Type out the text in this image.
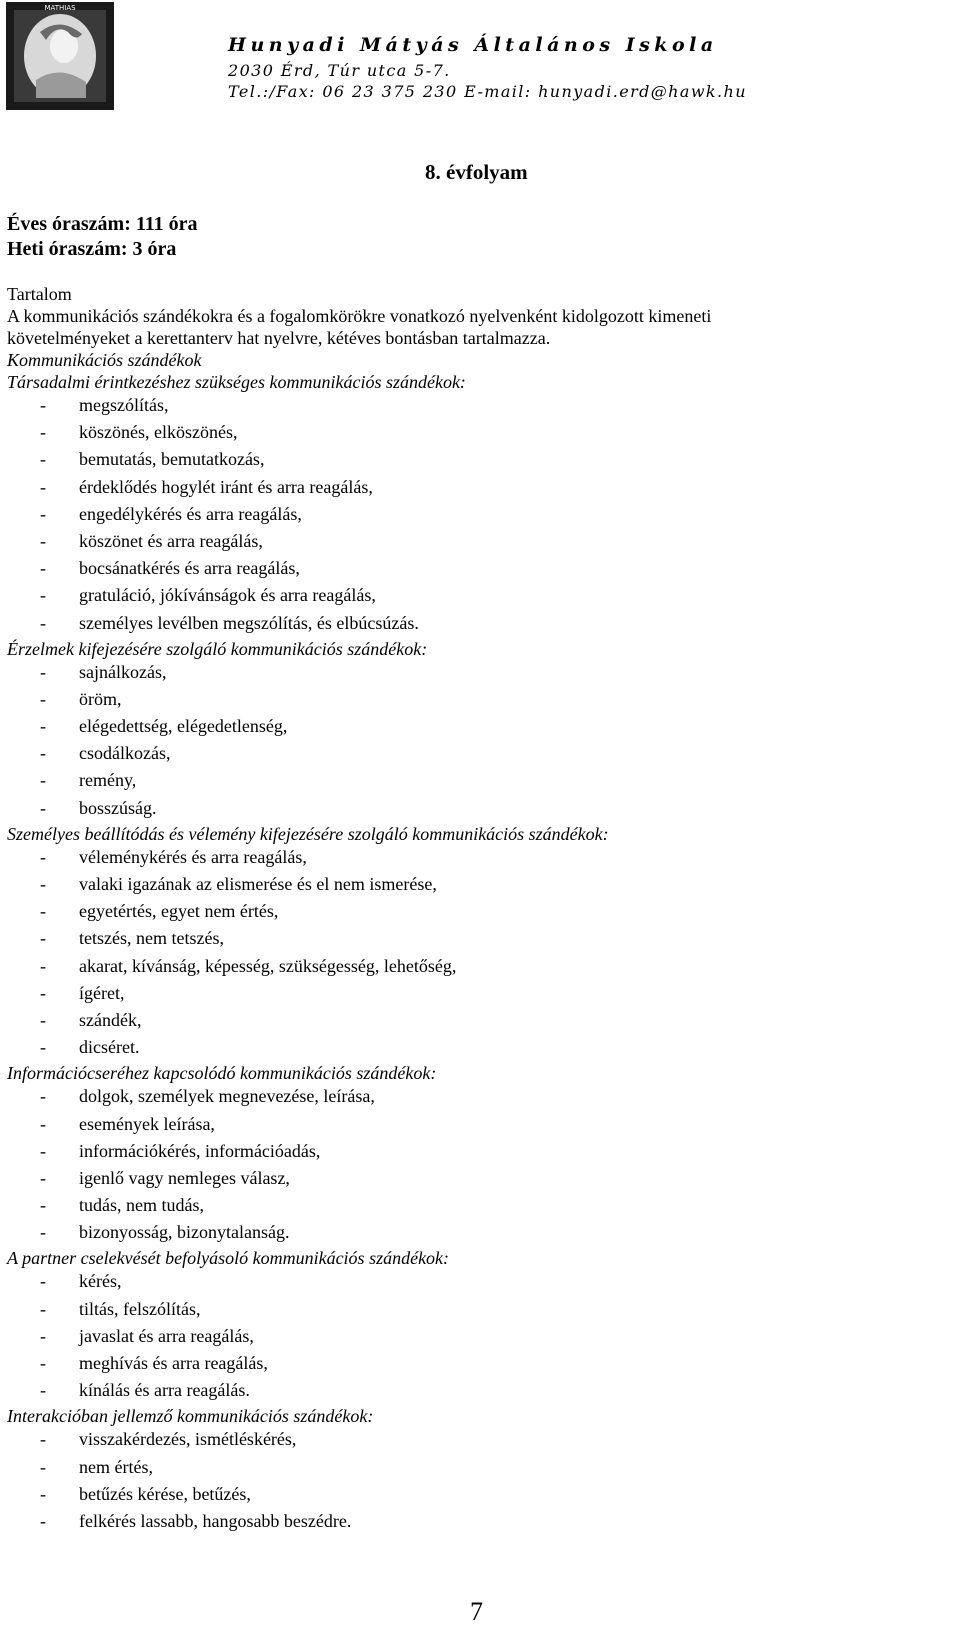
MATHIAS
Hunyadi Mátyás Általános Iskola
2030 Érd, Túr utca 5-7.
Tel.:/Fax: 06 23 375 230 E-mail: hunyadi.erd@hawk.hu
8. évfolyam
Éves óraszám: 111 óra
Heti óraszám: 3 óra

Tartalom

A kommunikációs szándékokra és a fogalomkörökre vonatkozó nyelvenként kidolgozott kimeneti

követelményeket a kerettanterv hat nyelvre, kétéves bontásban tartalmazza.

Kommunikációs szándékok

Társadalmi érintkezéshez szükséges kommunikációs szándékok:

- megszólítás,
- köszönés, elköszönés,
- bemutatás, bemutatkozás,
- érdeklődés hogylét iránt és arra reagálás,
- engedélykérés és arra reagálás,
- köszönet és arra reagálás,
- bocsánatkérés és arra reagálás,
- gratuláció, jókívánságok és arra reagálás,
- személyes levélben megszólítás, és elbúcsúzás.

Érzelmek kifejezésére szolgáló kommunikációs szándékok:

- sajnálkozás,
- öröm,
- elégedettség, elégedetlenség,
- csodálkozás,
- remény,
- bosszúság.

Személyes beállítódás és vélemény kifejezésére szolgáló kommunikációs szándékok:

- véleménykérés és arra reagálás,
- valaki igazának az elismerése és el nem ismerése,
- egyetértés, egyet nem értés,
- tetszés, nem tetszés,
- akarat, kívánság, képesség, szükségesség, lehetőség,
- ígéret,
- szándék,
- dicséret.

Információcseréhez kapcsolódó kommunikációs szándékok:

- dolgok, személyek megnevezése, leírása,
- események leírása,
- információkérés, információadás,
- igenlő vagy nemleges válasz,
- tudás, nem tudás,
- bizonyosság, bizonytalanság.

A partner cselekvését befolyásoló kommunikációs szándékok:

- kérés,
- tiltás, felszólítás,
- javaslat és arra reagálás,
- meghívás és arra reagálás,
- kínálás és arra reagálás.

Interakcióban jellemző kommunikációs szándékok:

- visszakérdezés, ismétléskérés,
- nem értés,
- betűzés kérése, betűzés,
- felkérés lassabb, hangosabb beszédre.
7
